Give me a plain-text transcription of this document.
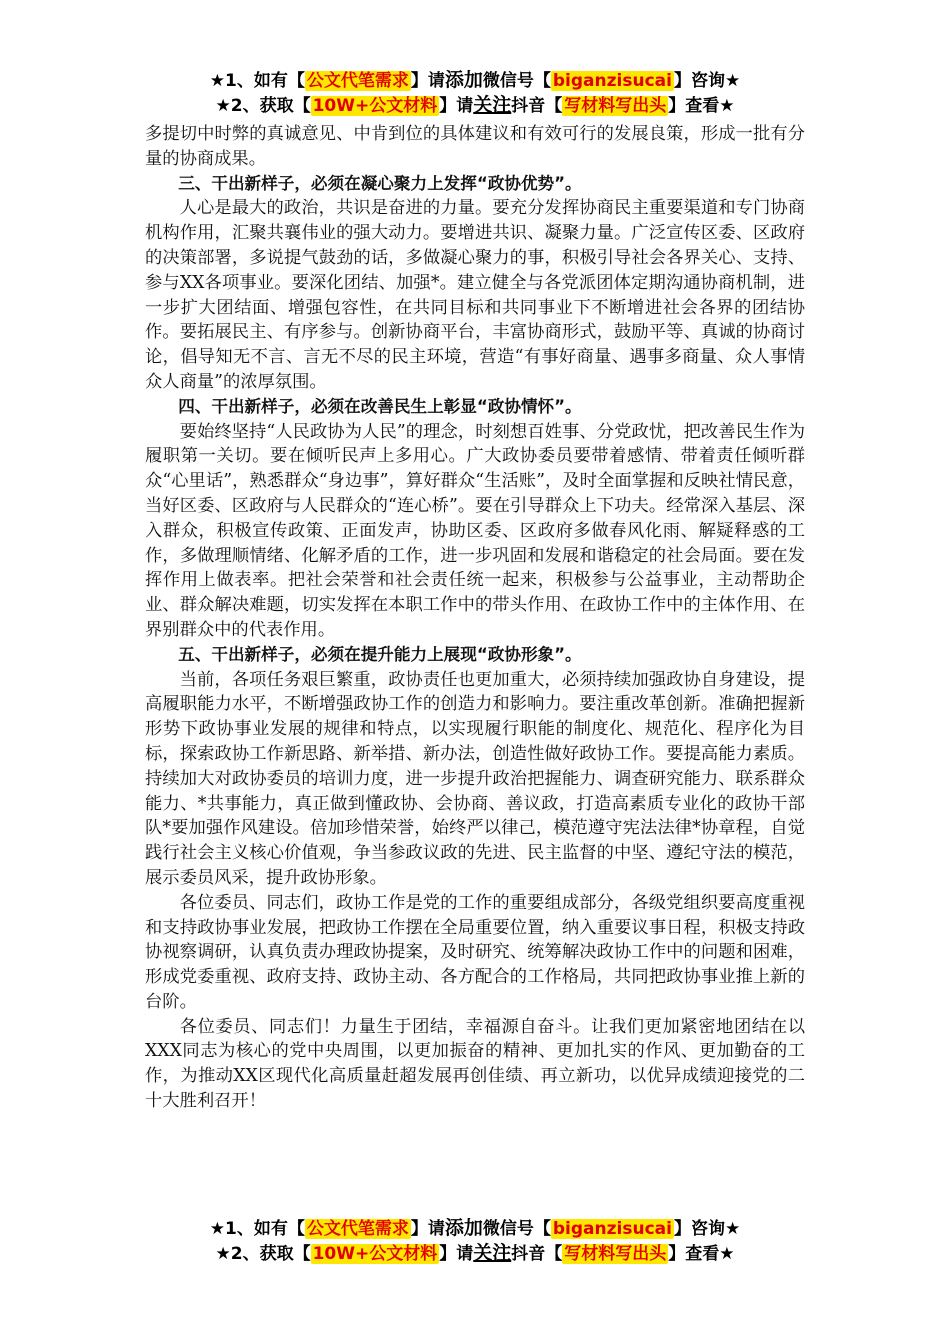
★1、如有【 公文代笔需求 】请添加微信号【 biganzisucai 】咨询★
★2、获取【 10W+公文材料 】请关注抖音【 写材料写出头 】查看★

多提切中时弊的真诚意见、中肯到位的具体建议和有效可行的发展良策，形成一批有分量的协商成果。

三、干出新样子，必须在凝心聚力上发挥“政协优势”。

人心是最大的政治，共识是奋进的力量。要充分发挥协商民主重要渠道和专门协商机构作用，汇聚共襄伟业的强大动力。要增进共识、凝聚力量。广泛宣传区委、区政府的决策部署，多说提气鼓劲的话，多做凝心聚力的事，积极引导社会各界关心、支持、参与XX各项事业。要深化团结、加强*。建立健全与各党派团体定期沟通协商机制，进一步扩大团结面、增强包容性，在共同目标和共同事业下不断增进社会各界的团结协作。要拓展民主、有序参与。创新协商平台，丰富协商形式，鼓励平等、真诚的协商讨论，倡导知无不言、言无不尽的民主环境，营造“有事好商量、遇事多商量、众人事情众人商量”的浓厚氛围。

四、干出新样子，必须在改善民生上彰显“政协情怀”。

要始终坚持“人民政协为人民”的理念，时刻想百姓事、分党政忧，把改善民生作为履职第一关切。要在倾听民声上多用心。广大政协委员要带着感情、带着责任倾听群众“心里话”，熟悉群众“身边事”，算好群众“生活账”，及时全面掌握和反映社情民意，当好区委、区政府与人民群众的“连心桥”。要在引导群众上下功夫。经常深入基层、深入群众，积极宣传政策、正面发声，协助区委、区政府多做春风化雨、解疑释惑的工作，多做理顺情绪、化解矛盾的工作，进一步巩固和发展和谐稳定的社会局面。要在发挥作用上做表率。把社会荣誉和社会责任统一起来，积极参与公益事业，主动帮助企业、群众解决难题，切实发挥在本职工作中的带头作用、在政协工作中的主体作用、在界别群众中的代表作用。

五、干出新样子，必须在提升能力上展现“政协形象”。

当前，各项任务艰巨繁重，政协责任也更加重大，必须持续加强政协自身建设，提高履职能力水平，不断增强政协工作的创造力和影响力。要注重改革创新。准确把握新形势下政协事业发展的规律和特点，以实现履行职能的制度化、规范化、程序化为目标，探索政协工作新思路、新举措、新办法，创造性做好政协工作。要提高能力素质。持续加大对政协委员的培训力度，进一步提升政治把握能力、调查研究能力、联系群众能力、*共事能力，真正做到懂政协、会协商、善议政，打造高素质专业化的政协干部队*要加强作风建设。倍加珍惜荣誉，始终严以律己，模范遵守宪法法律*协章程，自觉践行社会主义核心价值观，争当参政议政的先进、民主监督的中坚、遵纪守法的模范，展示委员风采，提升政协形象。

各位委员、同志们，政协工作是党的工作的重要组成部分，各级党组织要高度重视和支持政协事业发展，把政协工作摆在全局重要位置，纳入重要议事日程，积极支持政协视察调研，认真负责办理政协提案，及时研究、统筹解决政协工作中的问题和困难，形成党委重视、政府支持、政协主动、各方配合的工作格局，共同把政协事业推上新的台阶。

各位委员、同志们！力量生于团结，幸福源自奋斗。让我们更加紧密地团结在以XXX同志为核心的党中央周围，以更加振奋的精神、更加扎实的作风、更加勤奋的工作，为推动XX区现代化高质量赶超发展再创佳绩、再立新功，以优异成绩迎接党的二十大胜利召开！

★1、如有【 公文代笔需求 】请添加微信号【 biganzisucai 】咨询★
★2、获取【 10W+公文材料 】请关注抖音【 写材料写出头 】查看★
